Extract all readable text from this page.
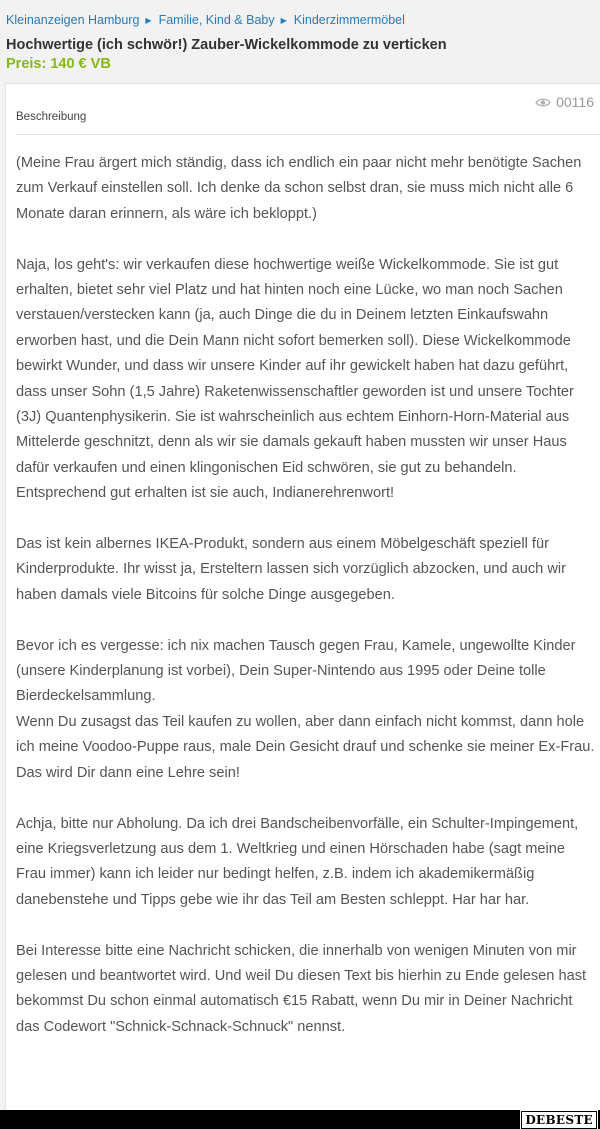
Kleinanzeigen Hamburg ▶ Familie, Kind & Baby ▶ Kinderzimmermöbel
Hochwertige (ich schwör!) Zauber-Wickelkommode zu verticken
Preis: 140 € VB
00116
Beschreibung

(Meine Frau ärgert mich ständig, dass ich endlich ein paar nicht mehr benötigte Sachen zum Verkauf einstellen soll. Ich denke da schon selbst dran, sie muss mich nicht alle 6 Monate daran erinnern, als wäre ich bekloppt.)

Naja, los geht's: wir verkaufen diese hochwertige weiße Wickelkommode. Sie ist gut erhalten, bietet sehr viel Platz und hat hinten noch eine Lücke, wo man noch Sachen verstauen/verstecken kann (ja, auch Dinge die du in Deinem letzten Einkaufswahn erworben hast, und die Dein Mann nicht sofort bemerken soll). Diese Wickelkommode bewirkt Wunder, und dass wir unsere Kinder auf ihr gewickelt haben hat dazu geführt, dass unser Sohn (1,5 Jahre) Raketenwissenschaftler geworden ist und unsere Tochter (3J) Quantenphysikerin. Sie ist wahrscheinlich aus echtem Einhorn-Horn-Material aus Mittelerde geschnitzt, denn als wir sie damals gekauft haben mussten wir unser Haus dafür verkaufen und einen klingonischen Eid schwören, sie gut zu behandeln. Entsprechend gut erhalten ist sie auch, Indianerehrenwort!

Das ist kein albernes IKEA-Produkt, sondern aus einem Möbelgeschäft speziell für Kinderprodukte. Ihr wisst ja, Ersteltern lassen sich vorzüglich abzocken, und auch wir haben damals viele Bitcoins für solche Dinge ausgegeben.

Bevor ich es vergesse: ich nix machen Tausch gegen Frau, Kamele, ungewollte Kinder (unsere Kinderplanung ist vorbei), Dein Super-Nintendo aus 1995 oder Deine tolle Bierdeckelsammlung.
Wenn Du zusagst das Teil kaufen zu wollen, aber dann einfach nicht kommst, dann hole ich meine Voodoo-Puppe raus, male Dein Gesicht drauf und schenke sie meiner Ex-Frau. Das wird Dir dann eine Lehre sein!

Achja, bitte nur Abholung. Da ich drei Bandscheibenvorfälle, ein Schulter-Impingement, eine Kriegsverletzung aus dem 1. Weltkrieg und einen Hörschaden habe (sagt meine Frau immer) kann ich leider nur bedingt helfen, z.B. indem ich akademikermäßig danebenstehe und Tipps gebe wie ihr das Teil am Besten schleppt. Har har har.

Bei Interesse bitte eine Nachricht schicken, die innerhalb von wenigen Minuten von mir gelesen und beantwortet wird. Und weil Du diesen Text bis hierhin zu Ende gelesen hast bekommst Du schon einmal automatisch €15 Rabatt, wenn Du mir in Deiner Nachricht das Codewort "Schnick-Schnack-Schnuck" nennst.

DEBESTE
